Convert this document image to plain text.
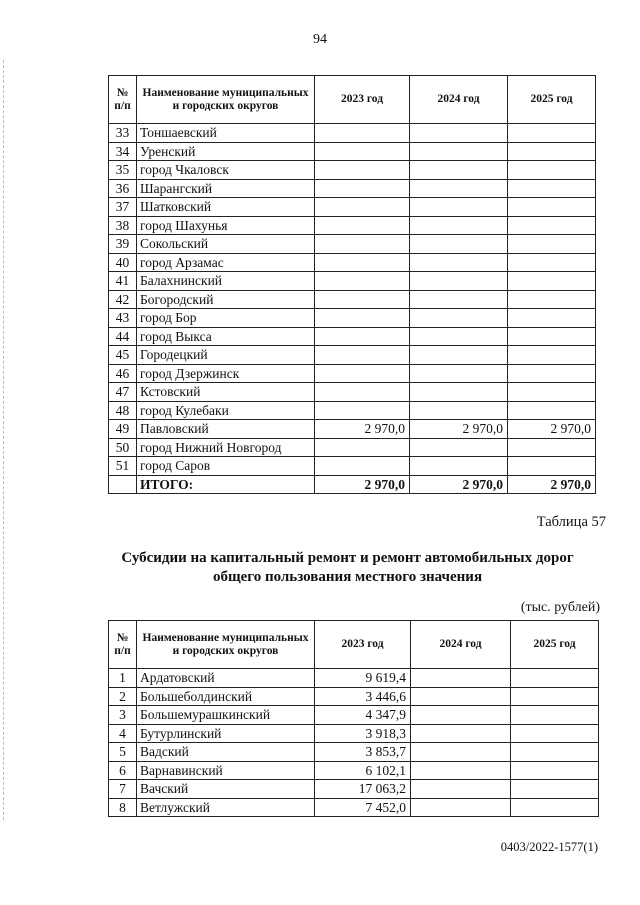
94
№ п/п	Наименование муниципальных и городских округов	2023 год	2024 год	2025 год
33	Тоншаевский			
34	Уренский			
35	город Чкаловск			
36	Шарангский			
37	Шатковский			
38	город Шахунья			
39	Сокольский			
40	город Арзамас			
41	Балахнинский			
42	Богородский			
43	город Бор			
44	город Выкса			
45	Городецкий			
46	город Дзержинск			
47	Кстовский			
48	город Кулебаки			
49	Павловский	2 970,0	2 970,0	2 970,0
50	город Нижний Новгород			
51	город Саров			
	ИТОГО:	2 970,0	2 970,0	2 970,0
Таблица 57
Субсидии на капитальный ремонт и ремонт автомобильных дорог общего пользования местного значения
(тыс. рублей)
№ п/п	Наименование муниципальных и городских округов	2023 год	2024 год	2025 год
1	Ардатовский	9 619,4		
2	Большеболдинский	3 446,6		
3	Большемурашкинский	4 347,9		
4	Бутурлинский	3 918,3		
5	Вадский	3 853,7		
6	Варнавинский	6 102,1		
7	Вачский	17 063,2		
8	Ветлужский	7 452,0		
0403/2022-1577(1)
